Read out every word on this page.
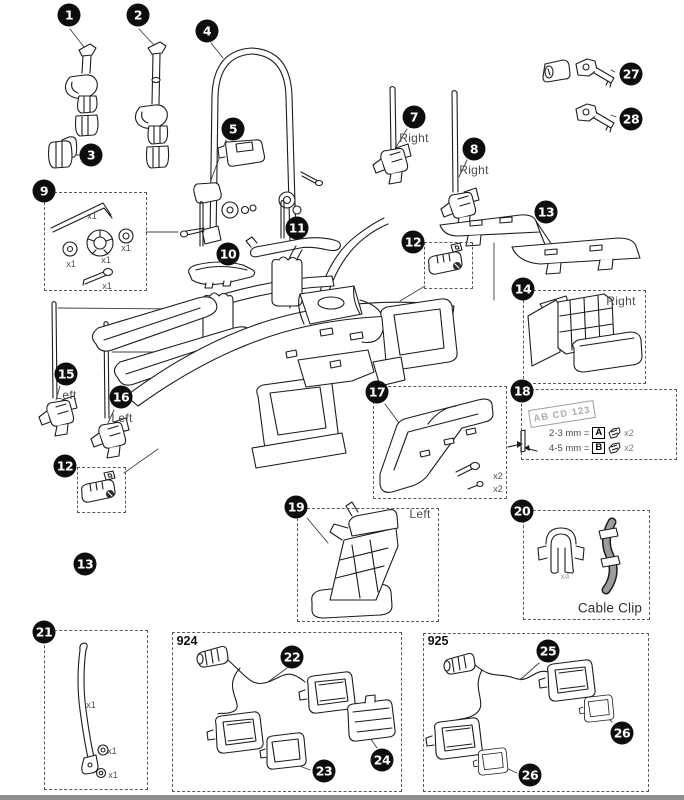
AB CD 123
2-3 mm = A	x2
4-5 mm = B	x2
Right
Right
Right
Left
Left
Left
Cable Clip
924	925
x1
x1	x1
x1
x1
x2
x2
x4
x1
x1
x1
1	2
4
5
3
27
28
7
8
9
10
11
12
13
14
15
16	17	18
12
13
19	20
21
22
23
24
25
26
26
